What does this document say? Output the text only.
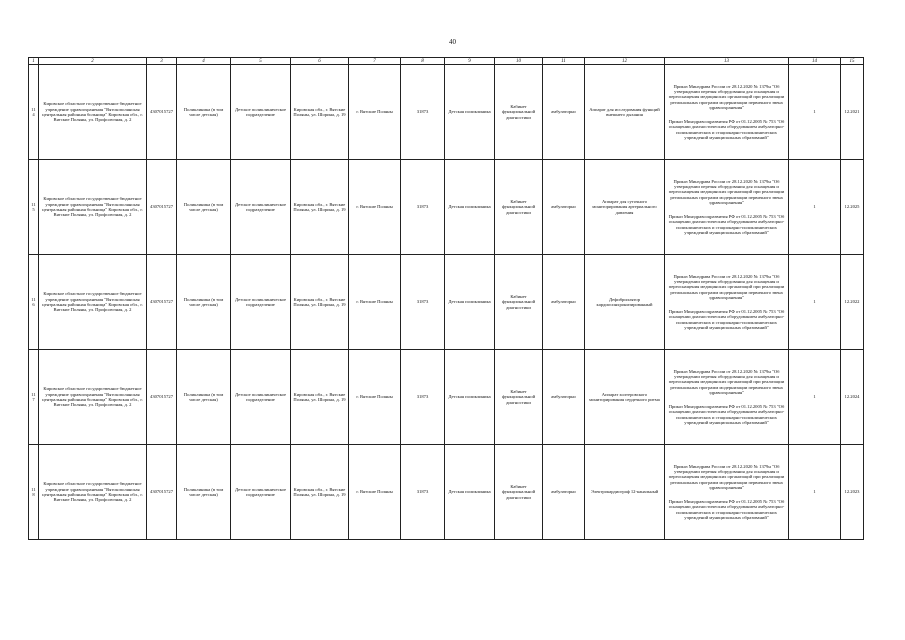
40
1	2	3	4	5	6	7	8	9	10	11	12	13	14	15
114	Кировское областное государственное бюджетное учреждение здравоохранения "Вятскополянская центральная районная больница" Кировская обл., г. Вятские Поляны, ул. Профсоюзная, д. 2	4307015727	Поликлиника (в том числе детская)	Детское поликлиническое подразделение	Кировская обл., г. Вятские Поляны, ул. Шорина, д. 19	г. Вятские Поляны	31873	Детская поликлиника	Кабинет функциональной диагностики	амбулаторно	Аппарат для исследования функций внешнего дыхания	Приказ Минздрава России от 28.12.2020 № 1379н "Об утверждении перечня оборудования для оснащения и переоснащения медицинских организаций при реализации региональных программ модернизации первичного звена здравоохранения"

Приказ Минздравсоцразвития РФ от 01.12.2005 № 753 "Об оснащении диагностическим оборудованием амбулаторно-поликлинических и стационарно-поликлинических учреждений муниципальных образований"	1	12.2021
115	Кировское областное государственное бюджетное учреждение здравоохранения "Вятскополянская центральная районная больница" Кировская обл., г. Вятские Поляны, ул. Профсоюзная, д. 2	4307015727	Поликлиника (в том числе детская)	Детское поликлиническое подразделение	Кировская обл., г. Вятские Поляны, ул. Шорина, д. 19	г. Вятские Поляны	31873	Детская поликлиника	Кабинет функциональной диагностики	амбулаторно	Аппарат для суточного мониторирования артериального давления	Приказ Минздрава России от 28.12.2020 № 1379н "Об утверждении перечня оборудования для оснащения и переоснащения медицинских организаций при реализации региональных программ модернизации первичного звена здравоохранения"

Приказ Минздравсоцразвития РФ от 01.12.2005 № 753 "Об оснащении диагностическим оборудованием амбулаторно-поликлинических и стационарно-поликлинических учреждений муниципальных образований"	1	12.2025
116	Кировское областное государственное бюджетное учреждение здравоохранения "Вятскополянская центральная районная больница" Кировская обл., г. Вятские Поляны, ул. Профсоюзная, д. 2	4307015727	Поликлиника (в том числе детская)	Детское поликлиническое подразделение	Кировская обл., г. Вятские Поляны, ул. Шорина, д. 19	г. Вятские Поляны	31873	Детская поликлиника	Кабинет функциональной диагностики	амбулаторно	Дефибриллятор кардиосинхронизированный	Приказ Минздрава России от 28.12.2020 № 1379н "Об утверждении перечня оборудования для оснащения и переоснащения медицинских организаций при реализации региональных программ модернизации первичного звена здравоохранения"

Приказ Минздравсоцразвития РФ от 01.12.2005 № 753 "Об оснащении диагностическим оборудованием амбулаторно-поликлинических и стационарно-поликлинических учреждений муниципальных образований"	1	12.2022
117	Кировское областное государственное бюджетное учреждение здравоохранения "Вятскополянская центральная районная больница" Кировская обл., г. Вятские Поляны, ул. Профсоюзная, д. 2	4307015727	Поликлиника (в том числе детская)	Детское поликлиническое подразделение	Кировская обл., г. Вятские Поляны, ул. Шорина, д. 19	г. Вятские Поляны	31873	Детская поликлиника	Кабинет функциональной диагностики	амбулаторно	Аппарат холтеровского мониторирования сердечного ритма	Приказ Минздрава России от 28.12.2020 № 1379н "Об утверждении перечня оборудования для оснащения и переоснащения медицинских организаций при реализации региональных программ модернизации первичного звена здравоохранения"

Приказ Минздравсоцразвития РФ от 01.12.2005 № 753 "Об оснащении диагностическим оборудованием амбулаторно-поликлинических и стационарно-поликлинических учреждений муниципальных образований"	1	12.2024
118	Кировское областное государственное бюджетное учреждение здравоохранения "Вятскополянская центральная районная больница" Кировская обл., г. Вятские Поляны, ул. Профсоюзная, д. 2	4307015727	Поликлиника (в том числе детская)	Детское поликлиническое подразделение	Кировская обл., г. Вятские Поляны, ул. Шорина, д. 19	г. Вятские Поляны	31873	Детская поликлиника	Кабинет функциональной диагностики	амбулаторно	Электрокардиограф 12-канальный	Приказ Минздрава России от 28.12.2020 № 1379н "Об утверждении перечня оборудования для оснащения и переоснащения медицинских организаций при реализации региональных программ модернизации первичного звена здравоохранения"

Приказ Минздравсоцразвития РФ от 01.12.2005 № 753 "Об оснащении диагностическим оборудованием амбулаторно-поликлинических и стационарно-поликлинических учреждений муниципальных образований"	1	12.2023
